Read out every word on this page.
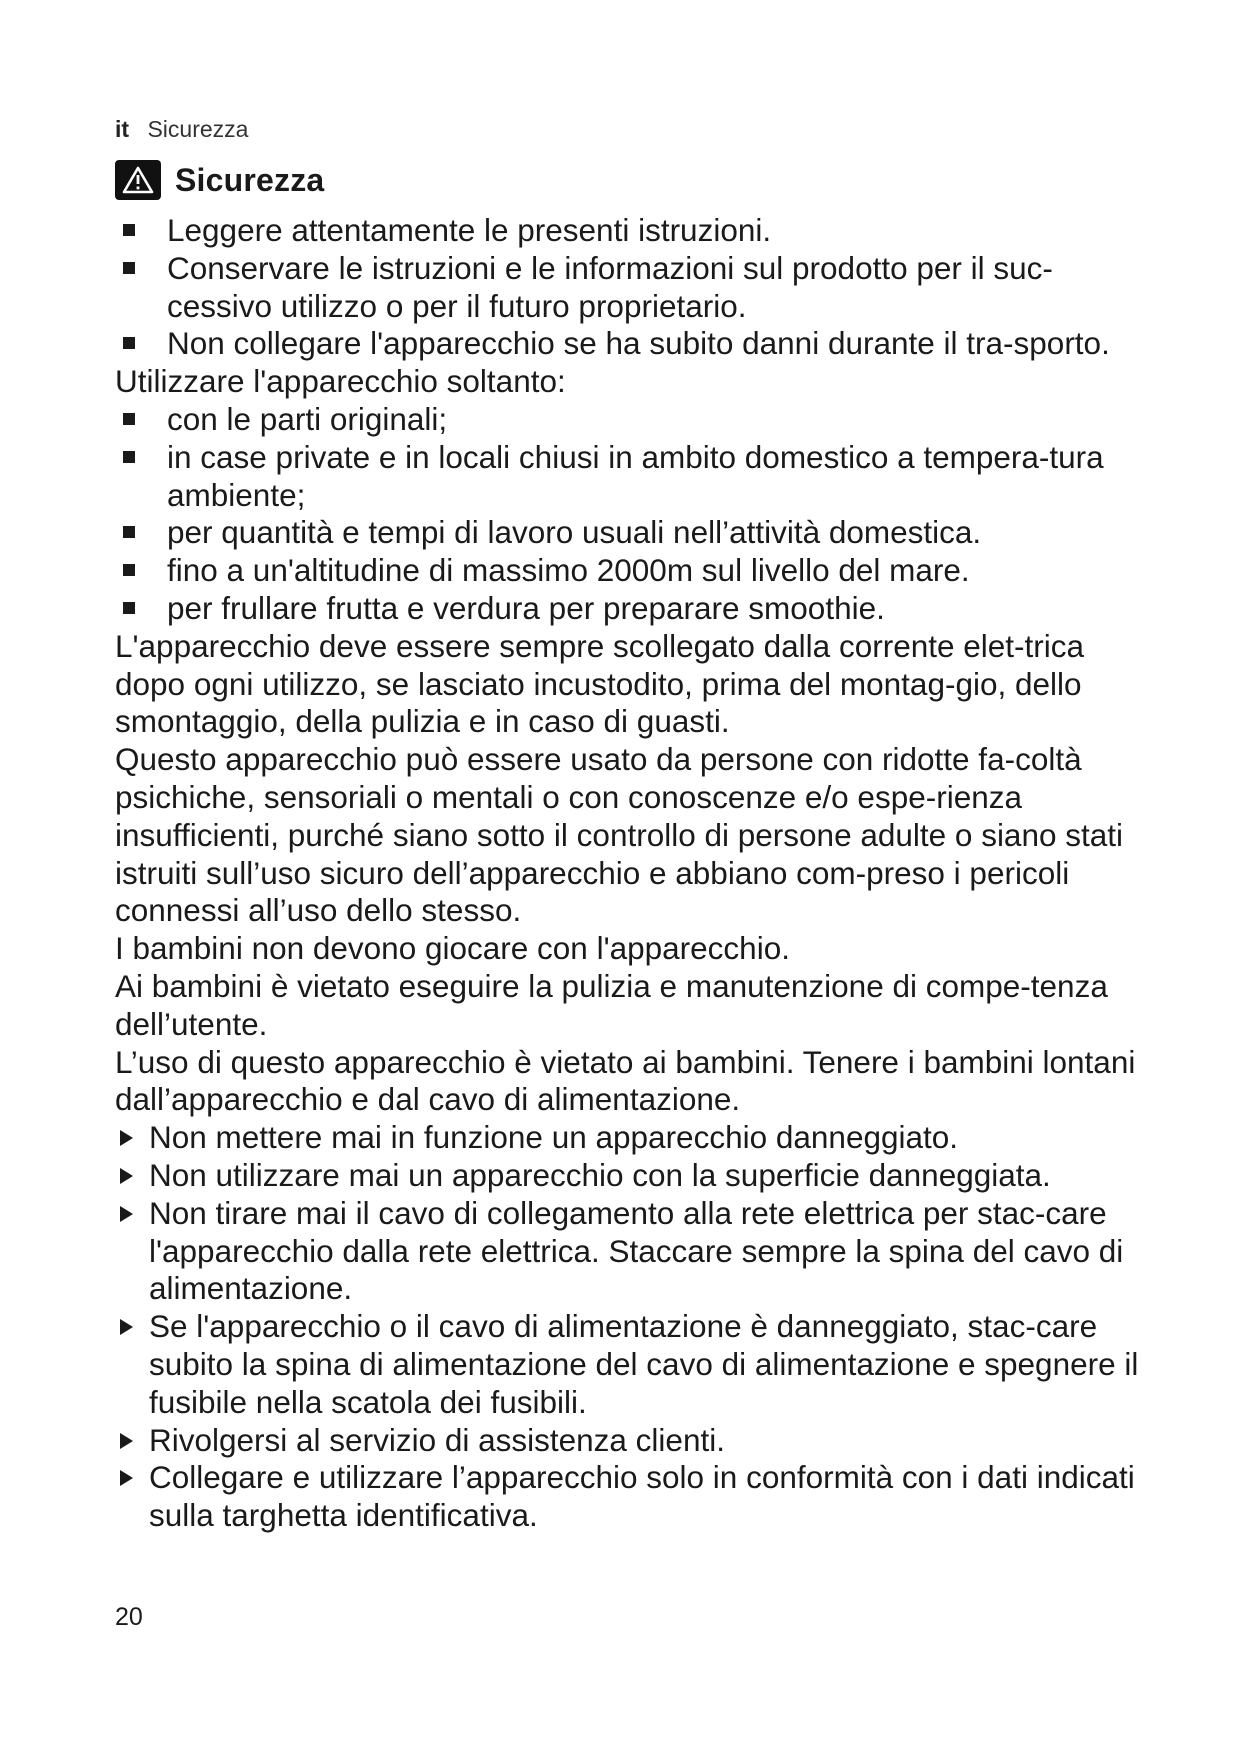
it Sicurezza
Sicurezza

Leggere attentamente le presenti istruzioni.

Conservare le istruzioni e le informazioni sul prodotto per il suc-cessivo utilizzo o per il futuro proprietario.

Non collegare l'apparecchio se ha subito danni durante il tra-sporto.

Utilizzare l'apparecchio soltanto:

con le parti originali;

in case private e in locali chiusi in ambito domestico a tempera-tura ambiente;

per quantità e tempi di lavoro usuali nell’attività domestica.

fino a un'altitudine di massimo 2000m sul livello del mare.

per frullare frutta e verdura per preparare smoothie.

L'apparecchio deve essere sempre scollegato dalla corrente elet-trica dopo ogni utilizzo, se lasciato incustodito, prima del montag-gio, dello smontaggio, della pulizia e in caso di guasti.

Questo apparecchio può essere usato da persone con ridotte fa-coltà psichiche, sensoriali o mentali o con conoscenze e/o espe-rienza insufficienti, purché siano sotto il controllo di persone adulte o siano stati istruiti sull’uso sicuro dell’apparecchio e abbiano com-preso i pericoli connessi all’uso dello stesso.

I bambini non devono giocare con l'apparecchio.

Ai bambini è vietato eseguire la pulizia e manutenzione di compe-tenza dell’utente.

L’uso di questo apparecchio è vietato ai bambini. Tenere i bambini lontani dall’apparecchio e dal cavo di alimentazione.

Non mettere mai in funzione un apparecchio danneggiato.

Non utilizzare mai un apparecchio con la superficie danneggiata.

Non tirare mai il cavo di collegamento alla rete elettrica per stac-care l'apparecchio dalla rete elettrica. Staccare sempre la spina del cavo di alimentazione.

Se l'apparecchio o il cavo di alimentazione è danneggiato, stac-care subito la spina di alimentazione del cavo di alimentazione e spegnere il fusibile nella scatola dei fusibili.

Rivolgersi al servizio di assistenza clienti.

Collegare e utilizzare l’apparecchio solo in conformità con i dati indicati sulla targhetta identificativa.

20
